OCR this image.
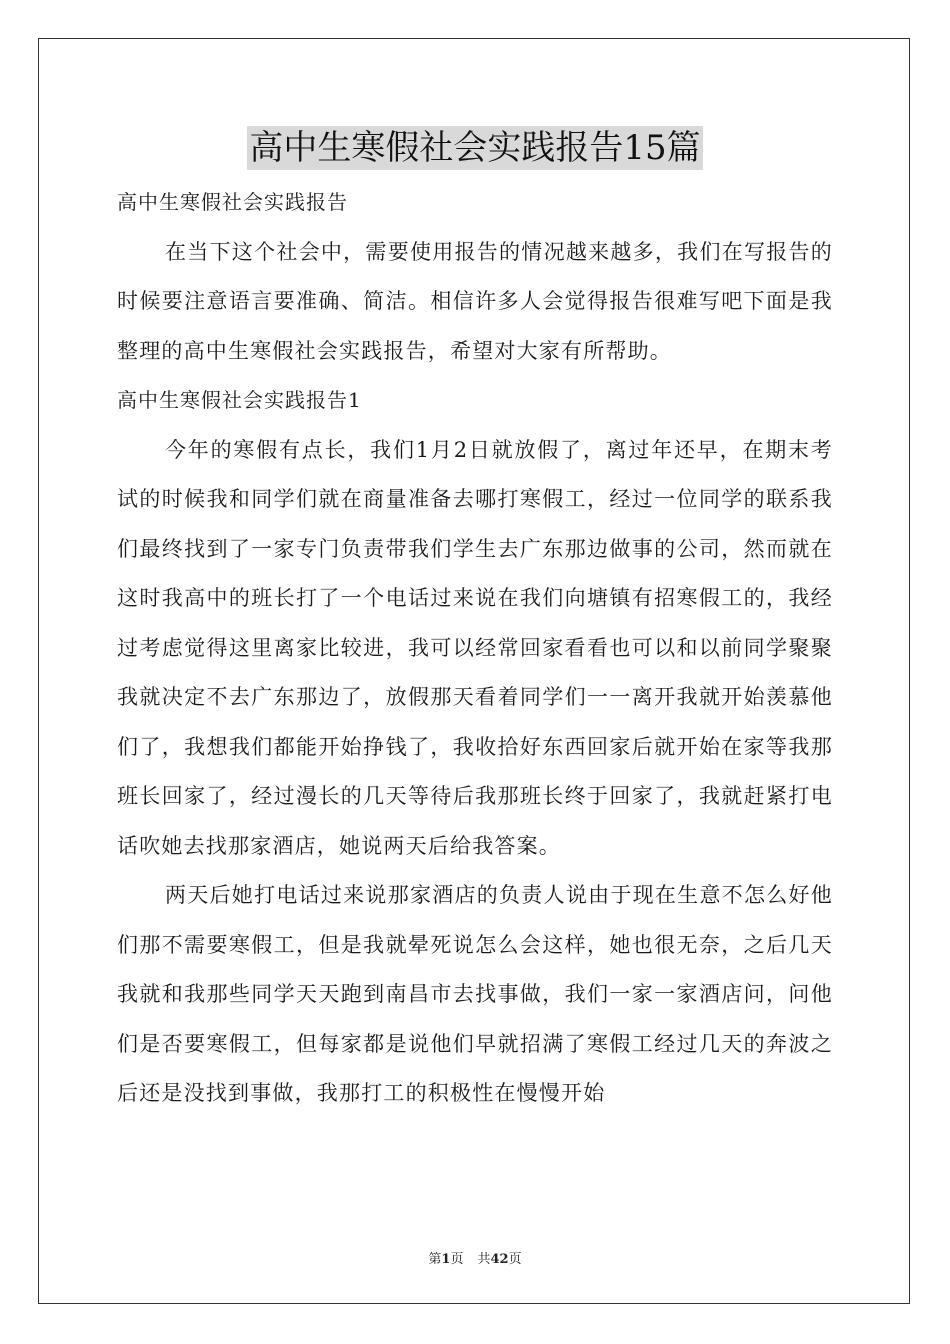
高中生寒假社会实践报告15篇

高中生寒假社会实践报告

在当下这个社会中，需要使用报告的情况越来越多，我们在写报告的时候要注意语言要准确、简洁。相信许多人会觉得报告很难写吧下面是我整理的高中生寒假社会实践报告，希望对大家有所帮助。

高中生寒假社会实践报告1

今年的寒假有点长，我们1月2日就放假了，离过年还早，在期末考试的时候我和同学们就在商量准备去哪打寒假工，经过一位同学的联系我们最终找到了一家专门负责带我们学生去广东那边做事的公司，然而就在这时我高中的班长打了一个电话过来说在我们向塘镇有招寒假工的，我经过考虑觉得这里离家比较进，我可以经常回家看看也可以和以前同学聚聚我就决定不去广东那边了，放假那天看着同学们一一离开我就开始羡慕他们了，我想我们都能开始挣钱了，我收拾好东西回家后就开始在家等我那班长回家了，经过漫长的几天等待后我那班长终于回家了，我就赶紧打电话吹她去找那家酒店，她说两天后给我答案。

两天后她打电话过来说那家酒店的负责人说由于现在生意不怎么好他们那不需要寒假工，但是我就晕死说怎么会这样，她也很无奈，之后几天我就和我那些同学天天跑到南昌市去找事做，我们一家一家酒店问，问他们是否要寒假工，但每家都是说他们早就招满了寒假工经过几天的奔波之后还是没找到事做，我那打工的积极性在慢慢开始

第1页 共42页
